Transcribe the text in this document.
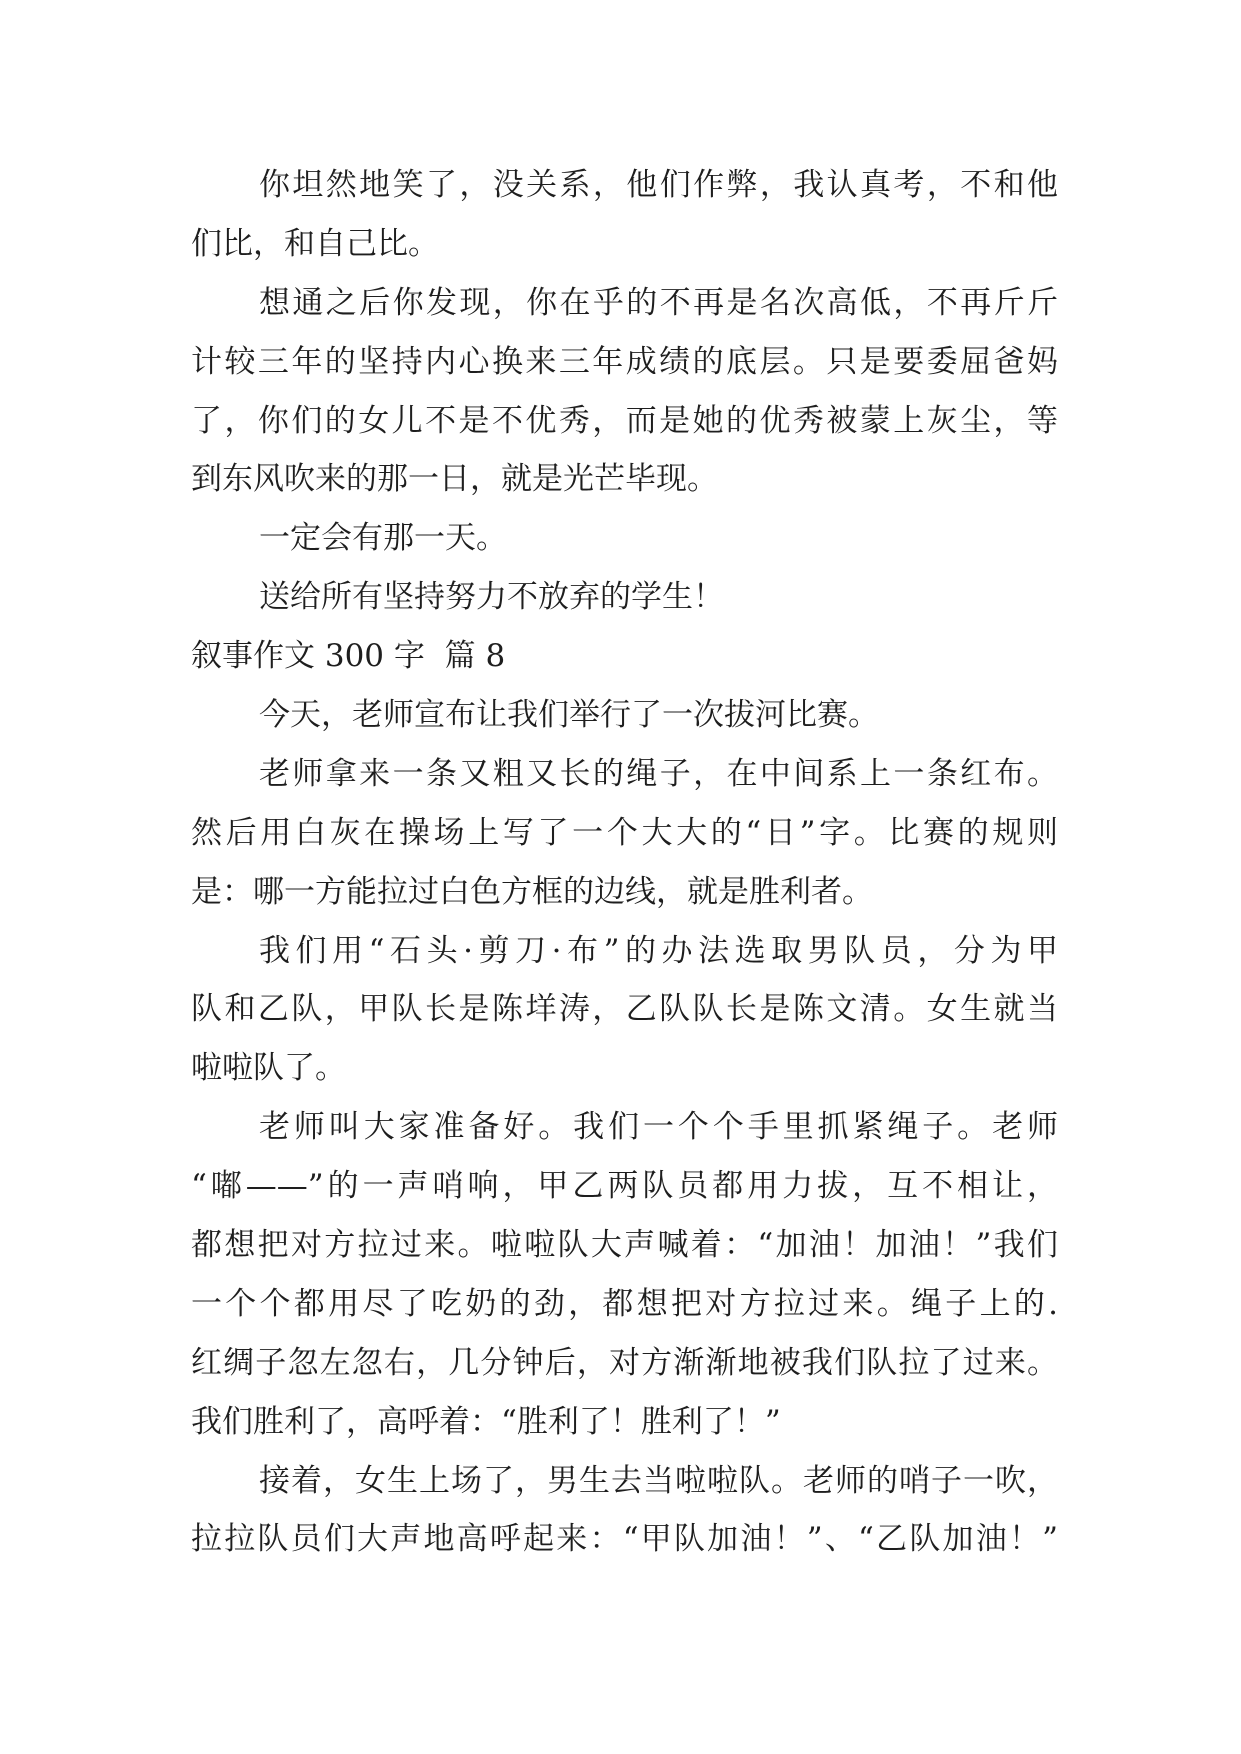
你坦然地笑了，没关系，他们作弊，我认真考，不和他
们比，和自己比。
想通之后你发现，你在乎的不再是名次高低，不再斤斤
计较三年的坚持内心换来三年成绩的底层。只是要委屈爸妈
了，你们的女儿不是不优秀，而是她的优秀被蒙上灰尘，等
到东风吹来的那一日，就是光芒毕现。
一定会有那一天。
送给所有坚持努力不放弃的学生！
叙事作文 300 字  篇 8
今天，老师宣布让我们举行了一次拔河比赛。
老师拿来一条又粗又长的绳子，在中间系上一条红布。
然后用白灰在操场上写了一个大大的“日”字。比赛的规则
是：哪一方能拉过白色方框的边线，就是胜利者。
我们用“石头·剪刀·布”的办法选取男队员，分为甲
队和乙队，甲队长是陈垟涛，乙队队长是陈文清。女生就当
啦啦队了。
老师叫大家准备好。我们一个个手里抓紧绳子。老师
“嘟——”的一声哨响，甲乙两队员都用力拔，互不相让，
都想把对方拉过来。啦啦队大声喊着：“加油！加油！”我们
一个个都用尽了吃奶的劲，都想把对方拉过来。绳子上的.
红绸子忽左忽右，几分钟后，对方渐渐地被我们队拉了过来。
我们胜利了，高呼着：“胜利了！胜利了！”
接着，女生上场了，男生去当啦啦队。老师的哨子一吹，
拉拉队员们大声地高呼起来：“甲队加油！”、“乙队加油！”
